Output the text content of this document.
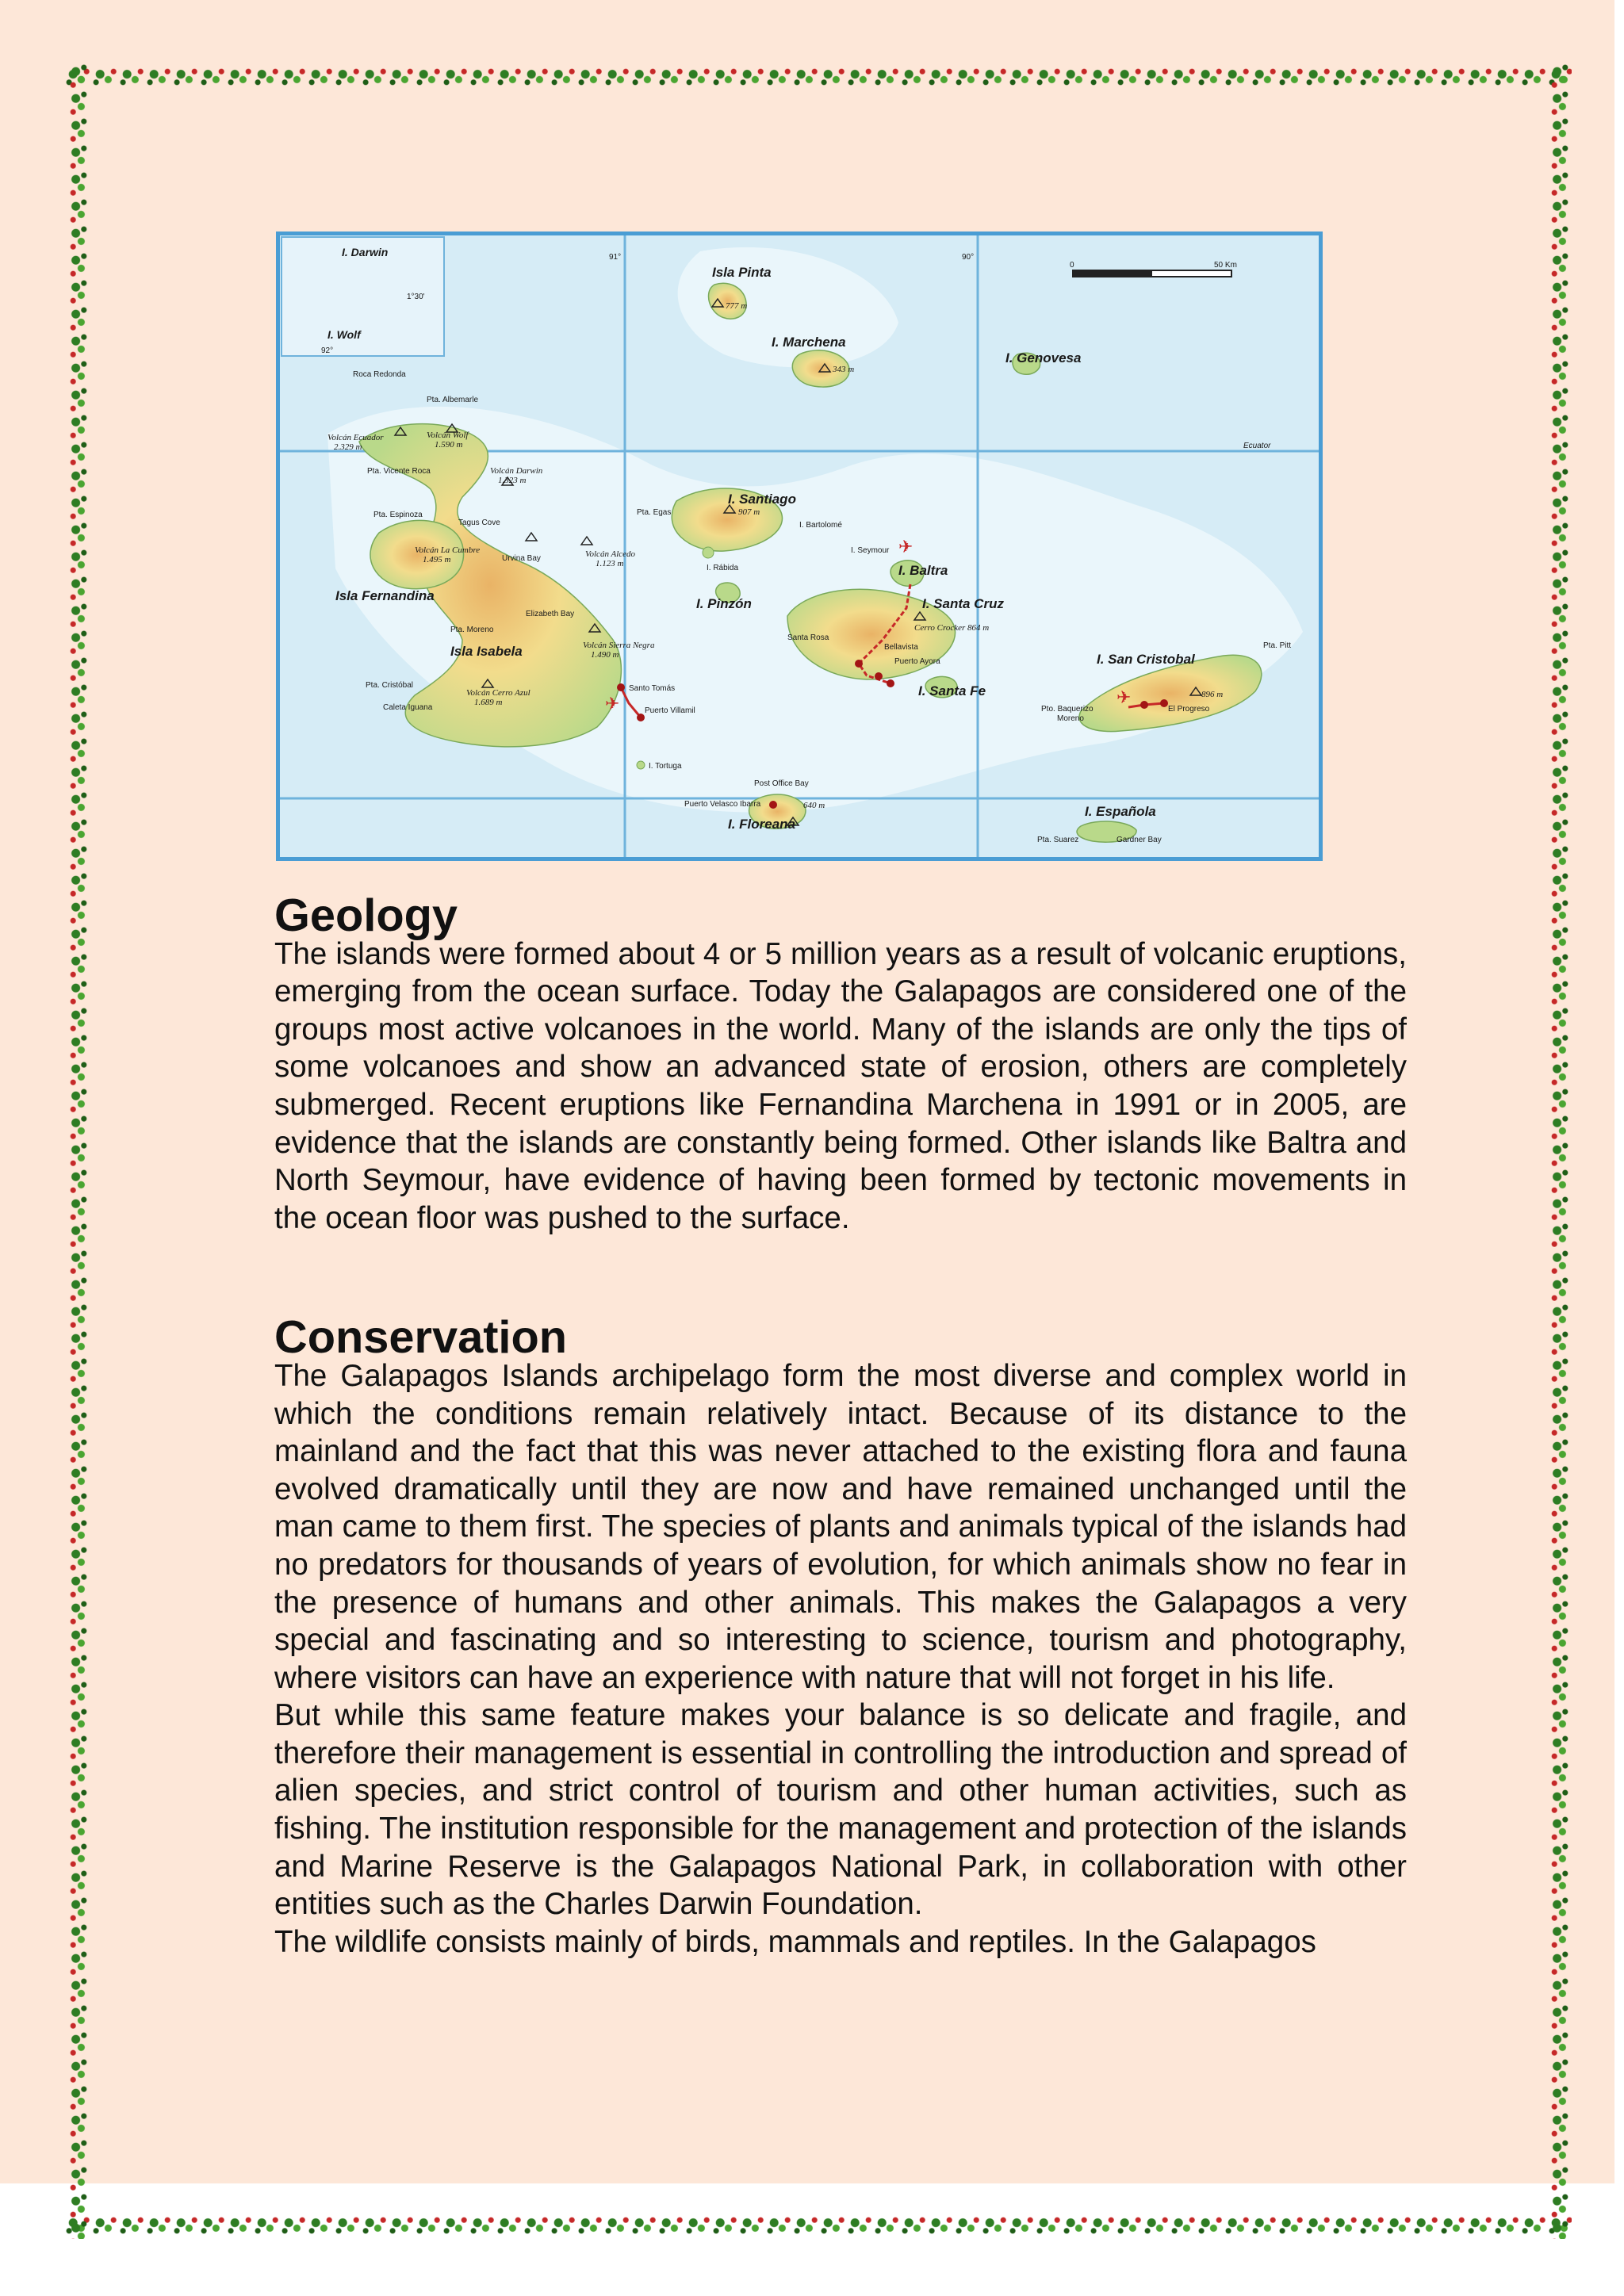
I. Darwin
1°30'
I. Wolf
92°
91°	90°
Ecuator
0	50 Km
✈
✈	✈
Isla Pinta
777 m
I. Marchena
343 m
I. Genovesa
Roca Redonda
Pta. Albemarle
Volcán Ecuador
2.329 m
Volcán Wolf
1.590 m
Pta. Vicente Roca	Volcán Darwin
1.323 m
Pta. Espinoza
Tagus Cove
I. Santiago
907 m
Pta. Egas
I. Bartolomé
Volcán La Cumbre
1.495 m	Urvina Bay	Volcán Alcedo
1.123 m
I. Seymour
I. Baltra
Isla Fernandina
I. Rábida
I. Pinzón	I. Santa Cruz
Elizabeth Bay
Cerro Crocker 864 m
Pta. Moreno
Santa Rosa
Bellavista
Isla Isabela	Volcán Sierra Negra
1.490 m
Puerto Ayora	I. San Cristobal
Pta. Pitt
Pta. Cristóbal
Volcán Cerro Azul
1.689 m
Santo Tomás	I. Santa Fe
Caleta Iguana	Puerto Villamil
896 m
Pto. Baquerizo
Moreno
El Progreso
I. Tortuga
Post Office Bay
Puerto Velasco Ibarra	640 m
I. Floreana
I. Española
Pta. Suarez	Gardner Bay
Geology

The islands were formed about 4 or 5 million years as a result of volcanic eruptions, emerging from the ocean surface. Today the Galapagos are considered one of the groups most active volcanoes in the world. Many of the islands are only the tips of some volcanoes and show an advanced state of erosion, others are completely submerged. Recent eruptions like Fernandina Marchena in 1991 or in 2005, are evidence that the islands are constantly being formed. Other islands like Baltra and North Seymour, have evidence of having been formed by tectonic movements in the ocean floor was pushed to the surface.

Conservation

The Galapagos Islands archipelago form the most diverse and complex world in which the conditions remain relatively intact. Because of its distance to the mainland and the fact that this was never attached to the existing flora and fauna evolved dramatically until they are now and have remained unchanged until the man came to them first. The species of plants and animals typical of the islands had no predators for thousands of years of evolution, for which animals show no fear in the presence of humans and other animals. This makes the Galapagos a very special and fascinating and so interesting to science, tourism and photography, where visitors can have an experience with nature that will not forget in his life.

But while this same feature makes your balance is so delicate and fragile, and therefore their management is essential in controlling the introduction and spread of alien species, and strict control of tourism and other human activities, such as fishing. The institution responsible for the management and protection of the islands and Marine Reserve is the Galapagos National Park, in collaboration with other entities such as the Charles Darwin Foundation.

The wildlife consists mainly of birds, mammals and reptiles. In the Galapagos
